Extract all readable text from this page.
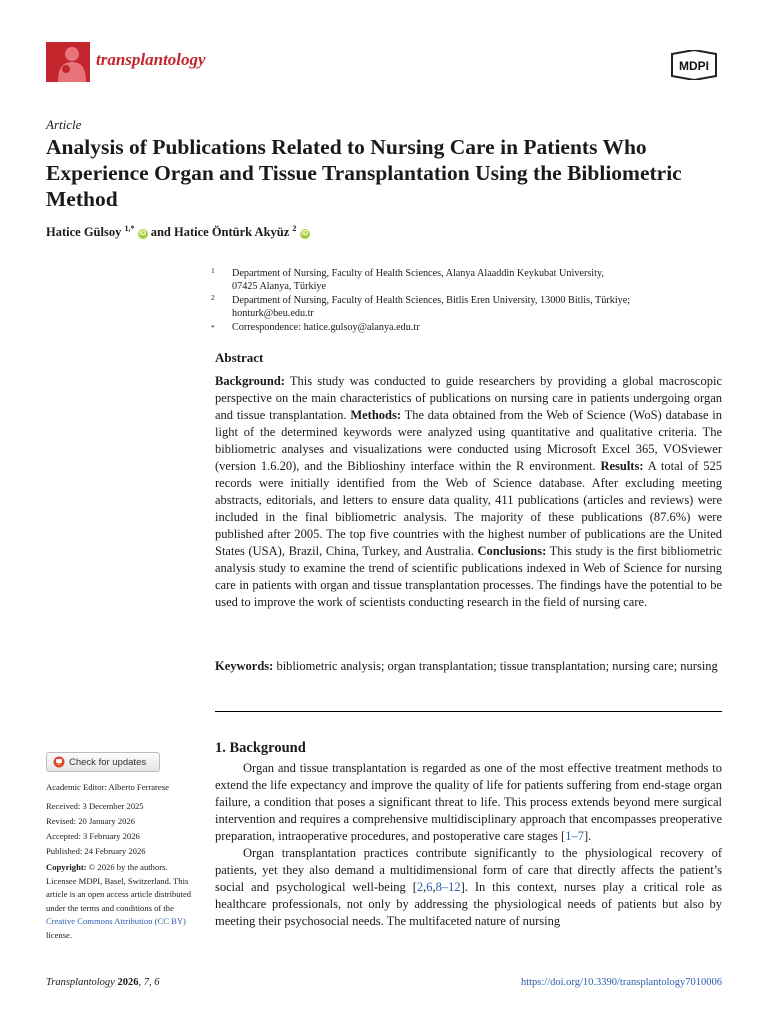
transplantology	MDPI
Article
Analysis of Publications Related to Nursing Care in Patients Who Experience Organ and Tissue Transplantation Using the Bibliometric Method
Hatice Gülsoy $^{1,*}$ iD and Hatice Öntürk Akyüz $^2$ iD
1 Department of Nursing, Faculty of Health Sciences, Alanya Alaaddin Keykubat University,
07425 Alanya, Türkiye
2 Department of Nursing, Faculty of Health Sciences, Bitlis Eren University, 13000 Bitlis, Türkiye;
honturk@beu.edu.tr
* Correspondence: hatice.gulsoy@alanya.edu.tr
Abstract
Background: This study was conducted to guide researchers by providing a global macroscopic perspective on the main characteristics of publications on nursing care in patients undergoing organ and tissue transplantation. Methods: The data obtained from the Web of Science (WoS) database in light of the determined keywords were analyzed using quantitative and qualitative criteria. The bibliometric analyses and visualizations were conducted using Microsoft Excel 365, VOSviewer (version 1.6.20), and the Biblioshiny interface within the R environment. Results: A total of 525 records were initially identified from the Web of Science database. After excluding meeting abstracts, editorials, and letters to ensure data quality, 411 publications (articles and reviews) were included in the final bibliometric analysis. The majority of these publications (87.6%) were published after 2005. The top five countries with the highest number of publications are the United States (USA), Brazil, China, Turkey, and Australia. Conclusions: This study is the first bibliometric analysis study to examine the trend of scientific publications indexed in Web of Science for nursing care in patients with organ and tissue transplantation processes. The findings have the potential to be used to improve the work of scientists conducting research in the field of nursing care.
Keywords: bibliometric analysis; organ transplantation; tissue transplantation; nursing care; nursing
Check for updates
Academic Editor: Alberto Ferrarese
Received: 3 December 2025
Revised: 20 January 2026
Accepted: 3 February 2026
Published: 24 February 2026
Copyright: © 2026 by the authors. Licensee MDPI, Basel, Switzerland. This article is an open access article distributed under the terms and conditions of the Creative Commons Attribution (CC BY) license.
1. Background

Organ and tissue transplantation is regarded as one of the most effective treatment methods to extend the life expectancy and improve the quality of life for patients suffering from end-stage organ failure, a condition that poses a significant threat to life. This process extends beyond mere surgical intervention and requires a comprehensive multidisciplinary approach that encompasses preoperative preparation, intraoperative procedures, and postoperative care stages [1–7].

Organ transplantation practices contribute significantly to the physiological recovery of patients, yet they also demand a multidimensional form of care that directly affects the patient’s social and psychological well-being [2,6,8–12]. In this context, nurses play a critical role as healthcare professionals, not only by addressing the physiological needs of patients but also by meeting their psychosocial needs. The multifaceted nature of nursing

Transplantology 2026, 7, 6	https://doi.org/10.3390/transplantology7010006
